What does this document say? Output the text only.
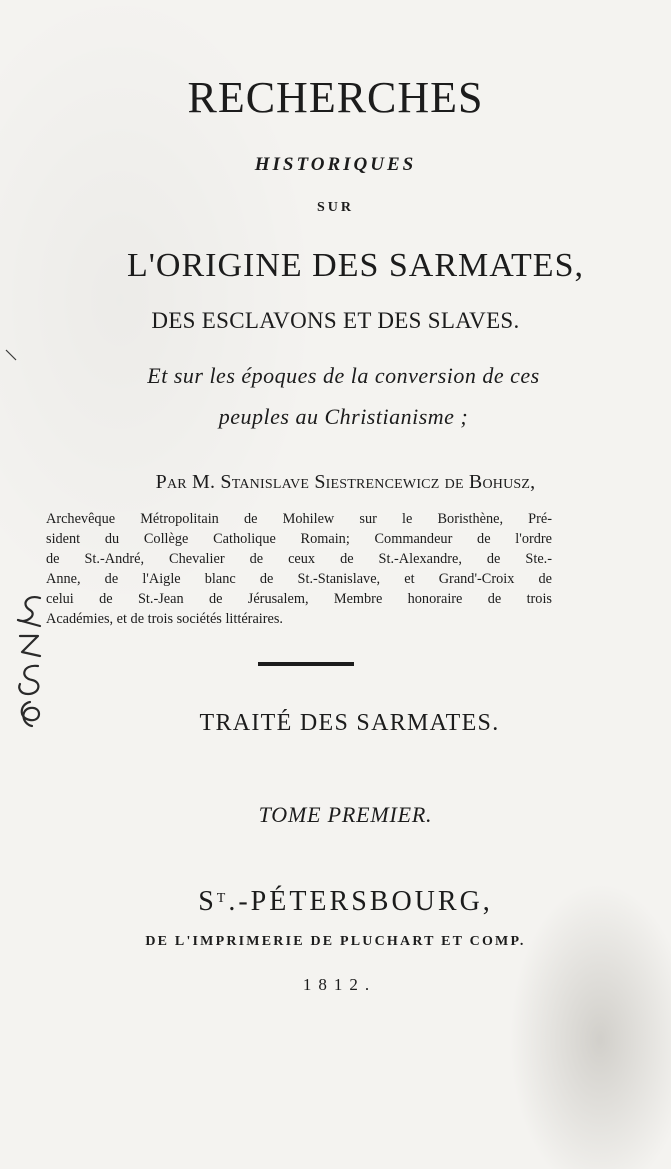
RECHERCHES
HISTORIQUES
SUR
L'ORIGINE DES SARMATES,
DES ESCLAVONS ET DES SLAVES.
Et sur les époques de la conversion de ces
peuples au Christianisme ;
Par M. Stanislave Siestrencewicz de Bohusz,
Archevêque Métropolitain de Mohilew sur le Boristhène, Pré-
sident du Collège Catholique Romain; Commandeur de l'ordre
de St.-André, Chevalier de ceux de St.-Alexandre, de Ste.-
Anne, de l'Aigle blanc de St.-Stanislave, et Grand'-Croix de
celui de St.-Jean de Jérusalem, Membre honoraire de trois
Académies, et de trois sociétés littéraires.
TRAITÉ DES SARMATES.
TOME PREMIER.
$S^T$.-PÉTERSBOURG,
DE L'IMPRIMERIE DE PLUCHART ET COMP.
1812.
